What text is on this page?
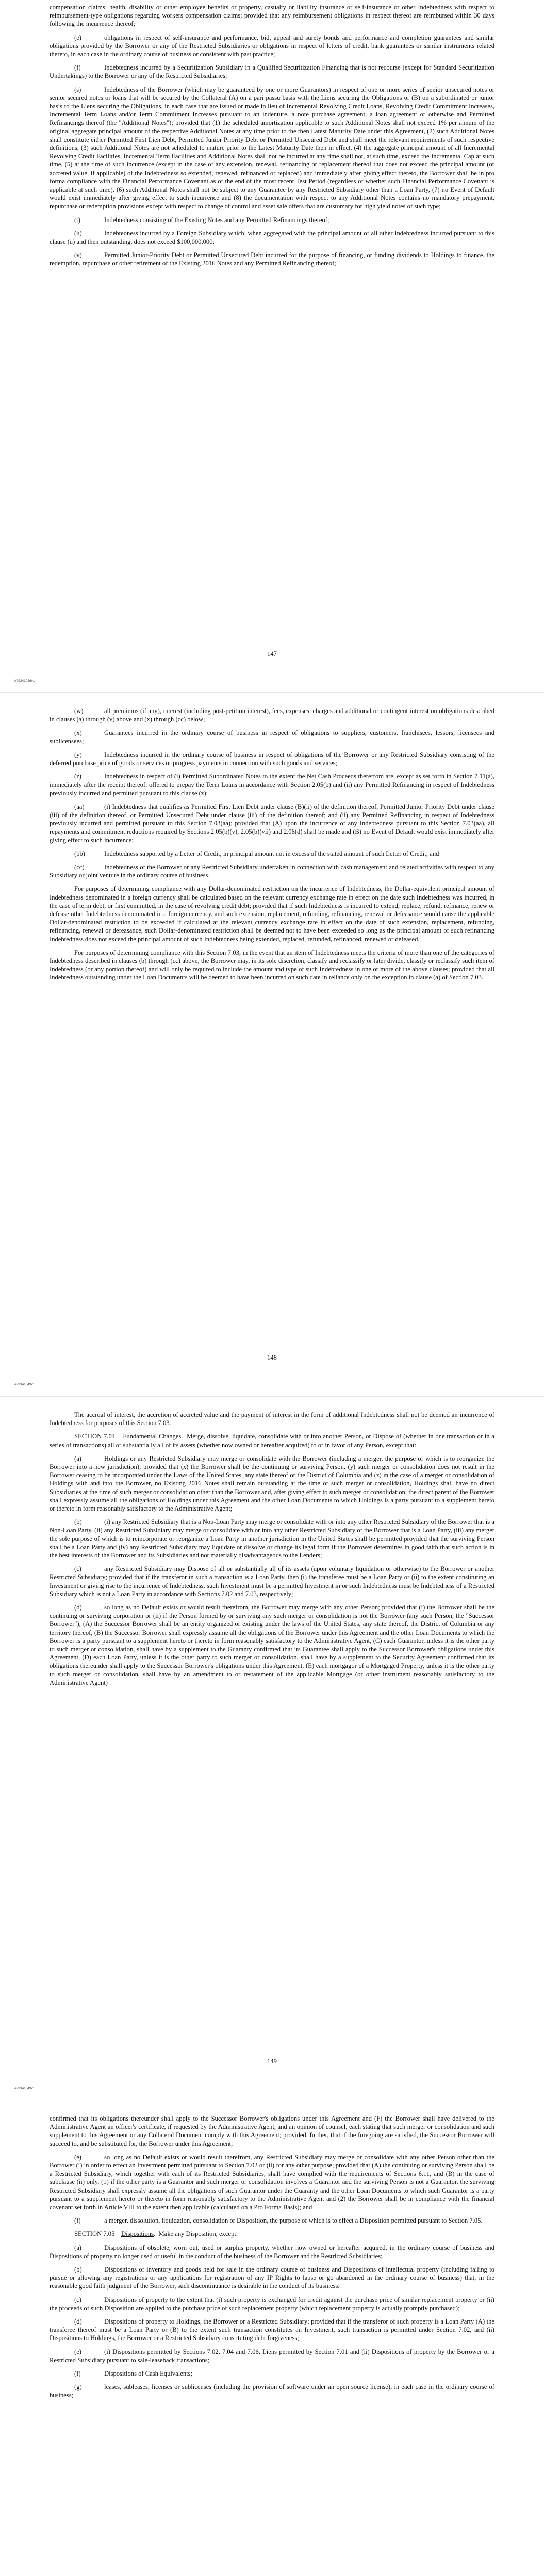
compensation claims, health, disability or other employee benefits or property, casualty or liability insurance or self-insurance or other Indebtedness with respect to reimbursement-type obligations regarding workers compensation claims; provided that any reimbursement obligations in respect thereof are reimbursed within 30 days following the incurrence thereof;

(e)	obligations in respect of self-insurance and performance, bid, appeal and surety bonds and performance and completion guarantees and similar obligations provided by the Borrower or any of the Restricted Subsidiaries or obligations in respect of letters of credit, bank guarantees or similar instruments related thereto, in each case in the ordinary course of business or consistent with past practice;

(f)	Indebtedness incurred by a Securitization Subsidiary in a Qualified Securitization Financing that is not recourse (except for Standard Securitization Undertakings) to the Borrower or any of the Restricted Subsidiaries;

(s)	Indebtedness of the Borrower (which may be guaranteed by one or more Guarantors) in respect of one or more series of senior unsecured notes or senior secured notes or loans that will be secured by the Collateral (A) on a pari passu basis with the Liens securing the Obligations or (B) on a subordinated or junior basis to the Liens securing the Obligations, in each case that are issued or made in lieu of Incremental Revolving Credit Loans, Revolving Credit Commitment Increases, Incremental Term Loans and/or Term Commitment Increases pursuant to an indenture, a note purchase agreement, a loan agreement or otherwise and Permitted Refinancings thereof (the "Additional Notes"); provided that (1) the scheduled amortization applicable to such Additional Notes shall not exceed 1% per annum of the original aggregate principal amount of the respective Additional Notes at any time prior to the then Latest Maturity Date under this Agreement, (2) such Additional Notes shall constitute either Permitted First Lien Debt, Permitted Junior Priority Debt or Permitted Unsecured Debt and shall meet the relevant requirements of such respective definitions, (3) such Additional Notes are not scheduled to mature prior to the Latest Maturity Date then in effect, (4) the aggregate principal amount of all Incremental Revolving Credit Facilities, Incremental Term Facilities and Additional Notes shall not be incurred at any time shall not, at such time, exceed the Incremental Cap at such time, (5) at the time of such incurrence (except in the case of any extension, renewal, refinancing or replacement thereof that does not exceed the principal amount (or accreted value, if applicable) of the Indebtedness so extended, renewed, refinanced or replaced) and immediately after giving effect thereto, the Borrower shall be in pro forma compliance with the Financial Performance Covenant as of the end of the most recent Test Period (regardless of whether such Financial Performance Covenant is applicable at such time), (6) such Additional Notes shall not be subject to any Guarantee by any Restricted Subsidiary other than a Loan Party, (7) no Event of Default would exist immediately after giving effect to such incurrence and (8) the documentation with respect to any Additional Notes contains no mandatory prepayment, repurchase or redemption provisions except with respect to change of control and asset sale offers that are customary for high yield notes of such type;

(t)	Indebtedness consisting of the Existing Notes and any Permitted Refinancings thereof;

(u)	Indebtedness incurred by a Foreign Subsidiary which, when aggregated with the principal amount of all other Indebtedness incurred pursuant to this clause (u) and then outstanding, does not exceed $100,000,000;

(v)	Permitted Junior-Priority Debt or Permitted Unsecured Debt incurred for the purpose of financing, or funding dividends to Holdings to finance, the redemption, repurchase or other retirement of the Existing 2016 Notes and any Permitted Refinancing thereof;

147
#99341049v1

(w)	all premiums (if any), interest (including post-petition interest), fees, expenses, charges and additional or contingent interest on obligations described in clauses (a) through (v) above and (x) through (cc) below;

(x)	Guarantees incurred in the ordinary course of business in respect of obligations to suppliers, customers, franchisees, lessors, licensees and sublicensees;

(y)	Indebtedness incurred in the ordinary course of business in respect of obligations of the Borrower or any Restricted Subsidiary consisting of the deferred purchase price of goods or services or progress payments in connection with such goods and services;

(z)	Indebtedness in respect of (i) Permitted Subordinated Notes to the extent the Net Cash Proceeds therefrom are, except as set forth in Section 7.11(a), immediately after the receipt thereof, offered to prepay the Term Loans in accordance with Section 2.05(b) and (ii) any Permitted Refinancing in respect of Indebtedness previously incurred and permitted pursuant to this clause (z);

(aa)	(i) Indebtedness that qualifies as Permitted First Lien Debt under clause (B)(ii) of the definition thereof, Permitted Junior Priority Debt under clause (iii) of the definition thereof, or Permitted Unsecured Debt under clause (iii) of the definition thereof; and (ii) any Permitted Refinancing in respect of Indebtedness previously incurred and permitted pursuant to this Section 7.03(aa); provided that (A) upon the incurrence of any Indebtedness pursuant to this Section 7.03(aa), all repayments and commitment reductions required by Sections 2.05(b)(v), 2.05(b)(vii) and 2.06(d) shall be made and (B) no Event of Default would exist immediately after giving effect to such incurrence;

(bb)	Indebtedness supported by a Letter of Credit, in principal amount not in excess of the stated amount of such Letter of Credit; and

(cc)	Indebtedness of the Borrower or any Restricted Subsidiary undertaken in connection with cash management and related activities with respect to any Subsidiary or joint venture in the ordinary course of business.

For purposes of determining compliance with any Dollar-denominated restriction on the incurrence of Indebtedness, the Dollar-equivalent principal amount of Indebtedness denominated in a foreign currency shall be calculated based on the relevant currency exchange rate in effect on the date such Indebtedness was incurred, in the case of term debt, or first committed, in the case of revolving credit debt; provided that if such Indebtedness is incurred to extend, replace, refund, refinance, renew or defease other Indebtedness denominated in a foreign currency, and such extension, replacement, refunding, refinancing, renewal or defeasance would cause the applicable Dollar-denominated restriction to be exceeded if calculated at the relevant currency exchange rate in effect on the date of such extension, replacement, refunding, refinancing, renewal or defeasance, such Dollar-denominated restriction shall be deemed not to have been exceeded so long as the principal amount of such refinancing Indebtedness does not exceed the principal amount of such Indebtedness being extended, replaced, refunded, refinanced, renewed or defeased.

For purposes of determining compliance with this Section 7.03, in the event that an item of Indebtedness meets the criteria of more than one of the categories of Indebtedness described in clauses (b) through (cc) above, the Borrower may, in its sole discretion, classify and reclassify or later divide, classify or reclassify such item of Indebtedness (or any portion thereof) and will only be required to include the amount and type of such Indebtedness in one or more of the above clauses; provided that all Indebtedness outstanding under the Loan Documents will be deemed to have been incurred on such date in reliance only on the exception in clause (a) of Section 7.03.

148
#99341049v1

The accrual of interest, the accretion of accreted value and the payment of interest in the form of additional Indebtedness shall not be deemed an incurrence of Indebtedness for purposes of this Section 7.03.

SECTION 7.04 Fundamental Changes.  Merge, dissolve, liquidate, consolidate with or into another Person, or Dispose of (whether in one transaction or in a series of transactions) all or substantially all of its assets (whether now owned or hereafter acquired) to or in favor of any Person, except that:

(a)	Holdings or any Restricted Subsidiary may merge or consolidate with the Borrower (including a merger, the purpose of which is to reorganize the Borrower into a new jurisdiction); provided that (x) the Borrower shall be the continuing or surviving Person, (y) such merger or consolidation does not result in the Borrower ceasing to be incorporated under the Laws of the United States, any state thereof or the District of Columbia and (z) in the case of a merger or consolidation of Holdings with and into the Borrower, no Existing 2016 Notes shall remain outstanding at the time of such merger or consolidation, Holdings shall have no direct Subsidiaries at the time of such merger or consolidation other than the Borrower and, after giving effect to such merger or consolidation, the direct parent of the Borrower shall expressly assume all the obligations of Holdings under this Agreement and the other Loan Documents to which Holdings is a party pursuant to a supplement hereto or thereto in form reasonably satisfactory to the Administrative Agent;

(b)	(i) any Restricted Subsidiary that is a Non-Loan Party may merge or consolidate with or into any other Restricted Subsidiary of the Borrower that is a Non-Loan Party, (ii) any Restricted Subsidiary may merge or consolidate with or into any other Restricted Subsidiary of the Borrower that is a Loan Party, (iii) any merger the sole purpose of which is to reincorporate or reorganize a Loan Party in another jurisdiction in the United States shall be permitted provided that the surviving Person shall be a Loan Party and (iv) any Restricted Subsidiary may liquidate or dissolve or change its legal form if the Borrower determines in good faith that such action is in the best interests of the Borrower and its Subsidiaries and not materially disadvantageous to the Lenders;

(c)	any Restricted Subsidiary may Dispose of all or substantially all of its assets (upon voluntary liquidation or otherwise) to the Borrower or another Restricted Subsidiary; provided that if the transferor in such a transaction is a Loan Party, then (i) the transferee must be a Loan Party or (ii) to the extent constituting an Investment or giving rise to the incurrence of Indebtedness, such Investment must be a permitted Investment in or such Indebtedness must be Indebtedness of a Restricted Subsidiary which is not a Loan Party in accordance with Sections 7.02 and 7.03, respectively;

(d)	so long as no Default exists or would result therefrom, the Borrower may merge with any other Person; provided that (i) the Borrower shall be the continuing or surviving corporation or (ii) if the Person formed by or surviving any such merger or consolidation is not the Borrower (any such Person, the "Successor Borrower"), (A) the Successor Borrower shall be an entity organized or existing under the laws of the United States, any state thereof, the District of Columbia or any territory thereof, (B) the Successor Borrower shall expressly assume all the obligations of the Borrower under this Agreement and the other Loan Documents to which the Borrower is a party pursuant to a supplement hereto or thereto in form reasonably satisfactory to the Administrative Agent, (C) each Guarantor, unless it is the other party to such merger or consolidation, shall have by a supplement to the Guaranty confirmed that its Guarantee shall apply to the Successor Borrower's obligations under this Agreement, (D) each Loan Party, unless it is the other party to such merger or consolidation, shall have by a supplement to the Security Agreement confirmed that its obligations thereunder shall apply to the Successor Borrower's obligations under this Agreement, (E) each mortgagor of a Mortgaged Property, unless it is the other party to such merger or consolidation, shall have by an amendment to or restatement of the applicable Mortgage (or other instrument reasonably satisfactory to the Administrative Agent)

149
#99341049v1

confirmed that its obligations thereunder shall apply to the Successor Borrower's obligations under this Agreement and (F) the Borrower shall have delivered to the Administrative Agent an officer's certificate, if requested by the Administrative Agent, and an opinion of counsel, each stating that such merger or consolidation and such supplement to this Agreement or any Collateral Document comply with this Agreement; provided, further, that if the foregoing are satisfied, the Successor Borrower will succeed to, and be substituted for, the Borrower under this Agreement;

(e)	so long as no Default exists or would result therefrom, any Restricted Subsidiary may merge or consolidate with any other Person other than the Borrower (i) in order to effect an Investment permitted pursuant to Section 7.02 or (ii) for any other purpose; provided that (A) the continuing or surviving Person shall be a Restricted Subsidiary, which together with each of its Restricted Subsidiaries, shall have complied with the requirements of Sections 6.11, and (B) in the case of subclause (ii) only, (1) if the other party is a Guarantor and such merger or consolidation involves a Guarantor and the surviving Person is not a Guarantor, the surviving Restricted Subsidiary shall expressly assume all the obligations of such Guarantor under the Guaranty and the other Loan Documents to which such Guarantor is a party pursuant to a supplement hereto or thereto in form reasonably satisfactory to the Administrative Agent and (2) the Borrower shall be in compliance with the financial covenant set forth in Article VIII to the extent then applicable (calculated on a Pro Forma Basis); and

(f)	a merger, dissolution, liquidation, consolidation or Disposition, the purpose of which is to effect a Disposition permitted pursuant to Section 7.05.

SECTION 7.05 Dispositions.  Make any Disposition, except:

(a)	Dispositions of obsolete, worn out, used or surplus property, whether now owned or hereafter acquired, in the ordinary course of business and Dispositions of property no longer used or useful in the conduct of the business of the Borrower and the Restricted Subsidiaries;

(b)	Dispositions of inventory and goods held for sale in the ordinary course of business and Dispositions of intellectual property (including failing to pursue or allowing any registrations or any applications for registration of any IP Rights to lapse or go abandoned in the ordinary course of business) that, in the reasonable good faith judgment of the Borrower, such discontinuance is desirable in the conduct of its business;

(c)	Dispositions of property to the extent that (i) such property is exchanged for credit against the purchase price of similar replacement property or (ii) the proceeds of such Disposition are applied to the purchase price of such replacement property (which replacement property is actually promptly purchased);

(d)	Dispositions of property to Holdings, the Borrower or a Restricted Subsidiary; provided that if the transferor of such property is a Loan Party (A) the transferee thereof must be a Loan Party or (B) to the extent such transaction constitutes an Investment, such transaction is permitted under Section 7.02, and (ii) Dispositions to Holdings, the Borrower or a Restricted Subsidiary constituting debt forgiveness;

(e)	(i) Dispositions permitted by Sections 7.02, 7.04 and 7.06, Liens permitted by Section 7.01 and (ii) Dispositions of property by the Borrower or a Restricted Subsidiary pursuant to sale-leaseback transactions;

(f)	Dispositions of Cash Equivalents;

(g)	leases, subleases, licenses or sublicenses (including the provision of software under an open source license), in each case in the ordinary course of business;
